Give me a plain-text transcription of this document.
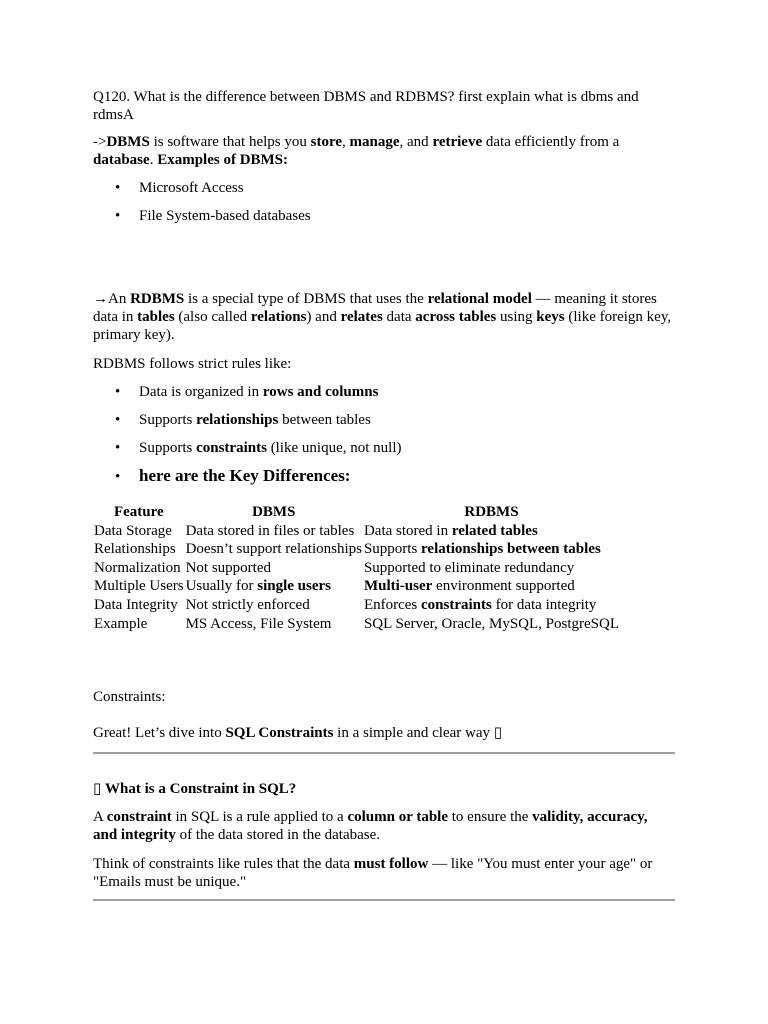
Q120. What is the difference between DBMS and RDBMS? first explain what is dbms and rdmsA

->DBMS is software that helps you store, manage, and retrieve data efficiently from a database. Examples of DBMS:

• Microsoft Access
• File System-based databases

→An RDBMS is a special type of DBMS that uses the relational model — meaning it stores data in tables (also called relations) and relates data across tables using keys (like foreign key, primary key).

RDBMS follows strict rules like:

• Data is organized in rows and columns
• Supports relationships between tables
• Supports constraints (like unique, not null)
• here are the Key Differences:
Feature	DBMS	RDBMS
Data Storage	Data stored in files or tables	Data stored in related tables
Relationships	Doesn’t support relationships	Supports relationships between tables
Normalization	Not supported	Supported to eliminate redundancy
Multiple Users	Usually for single users	Multi-user environment supported
Data Integrity	Not strictly enforced	Enforces constraints for data integrity
Example	MS Access, File System	SQL Server, Oracle, MySQL, PostgreSQL

Constraints:

Great! Let’s dive into SQL Constraints in a simple and clear way ▯

▯ What is a Constraint in SQL?

A constraint in SQL is a rule applied to a column or table to ensure the validity, accuracy, and integrity of the data stored in the database.

Think of constraints like rules that the data must follow — like "You must enter your age" or "Emails must be unique."
